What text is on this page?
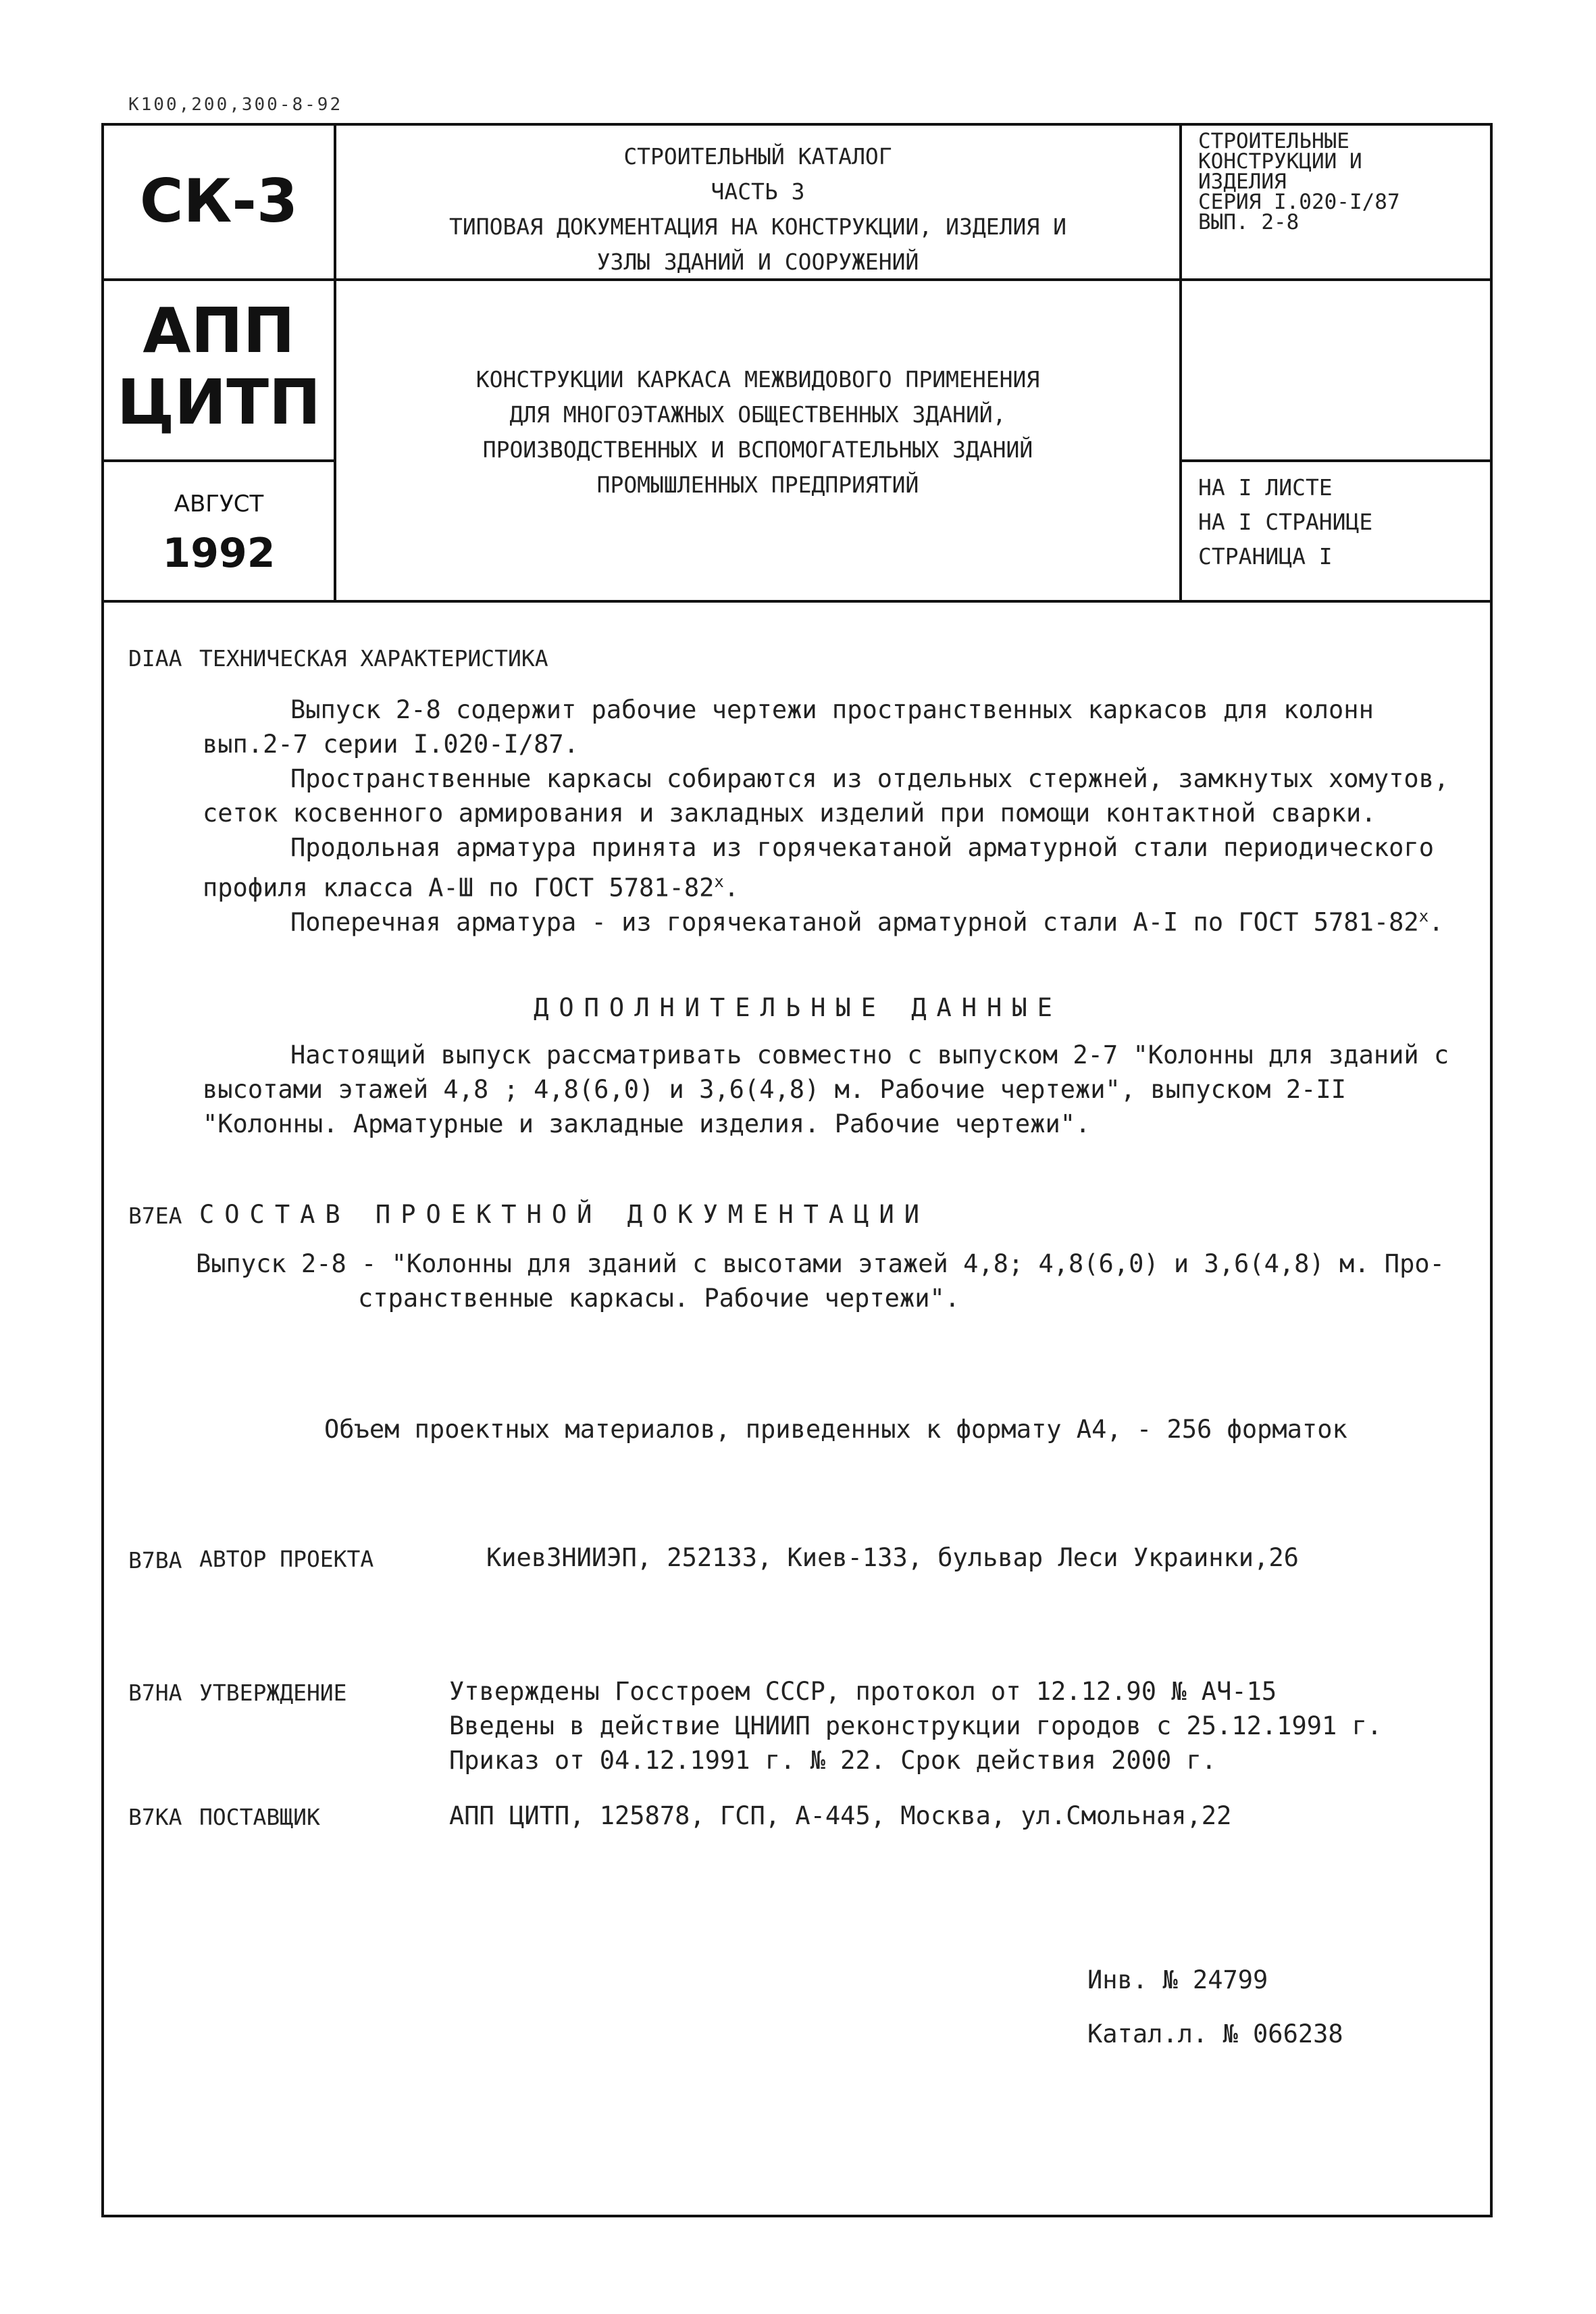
К100,200,300-8-92
СК-3
АПП
ЦИТП
АВГУСТ
1992
СТРОИТЕЛЬНЫЙ КАТАЛОГ
ЧАСТЬ 3
ТИПОВАЯ ДОКУМЕНТАЦИЯ НА КОНСТРУКЦИИ, ИЗДЕЛИЯ И
УЗЛЫ ЗДАНИЙ И СООРУЖЕНИЙ
КОНСТРУКЦИИ КАРКАСА МЕЖВИДОВОГО ПРИМЕНЕНИЯ
ДЛЯ МНОГОЭТАЖНЫХ ОБЩЕСТВЕННЫХ ЗДАНИЙ,
ПРОИЗВОДСТВЕННЫХ И ВСПОМОГАТЕЛЬНЫХ ЗДАНИЙ
ПРОМЫШЛЕННЫХ ПРЕДПРИЯТИЙ
СТРОИТЕЛЬНЫЕ
КОНСТРУКЦИИ И
ИЗДЕЛИЯ
СЕРИЯ I.020-I/87
ВЫП. 2-8
НА I ЛИСТЕ
НА I СТРАНИЦЕ
СТРАНИЦА I
DIAA ТЕХНИЧЕСКАЯ ХАРАКТЕРИСТИКА
Выпуск 2-8 содержит рабочие чертежи пространственных каркасов для колонн
вып.2-7 серии I.020-I/87.
Пространственные каркасы собираются из отдельных стержней, замкнутых хомутов,
сеток косвенного армирования и закладных изделий при помощи контактной сварки.
Продольная арматура принята из горячекатаной арматурной стали периодического
профиля класса А-Ш по ГОСТ $5781-82^х$.
Поперечная арматура - из горячекатаной арматурной стали А-I по ГОСТ $5781-82^х$.
ДОПОЛНИТЕЛЬНЫЕ ДАННЫЕ
Настоящий выпуск рассматривать совместно с выпуском 2-7 "Колонны для зданий с
высотами этажей 4,8 ; 4,8(6,0) и 3,6(4,8) м. Рабочие чертежи", выпуском 2-II
"Колонны. Арматурные и закладные изделия. Рабочие чертежи".
В7ЕА СОСТАВ ПРОЕКТНОЙ ДОКУМЕНТАЦИИ
Выпуск 2-8 - "Колонны для зданий с высотами этажей 4,8; 4,8(6,0) и 3,6(4,8) м. Про-
странственные каркасы. Рабочие чертежи".
Объем проектных материалов, приведенных к формату А4, - 256 форматок
В7ВА АВТОР ПРОЕКТА	КиевЗНИИЭП, 252133, Киев-133, бульвар Леси Украинки,26
В7НА УТВЕРЖДЕНИЕ	Утверждены Госстроем СССР, протокол от 12.12.90 № АЧ-15
Введены в действие ЦНИИП реконструкции городов с 25.12.1991 г.
Приказ от 04.12.1991 г. № 22. Срок действия 2000 г.
В7КА ПОСТАВЩИК	АПП ЦИТП, 125878, ГСП, А-445, Москва, ул.Смольная,22
Инв. № 24799
Катал.л. № 066238
